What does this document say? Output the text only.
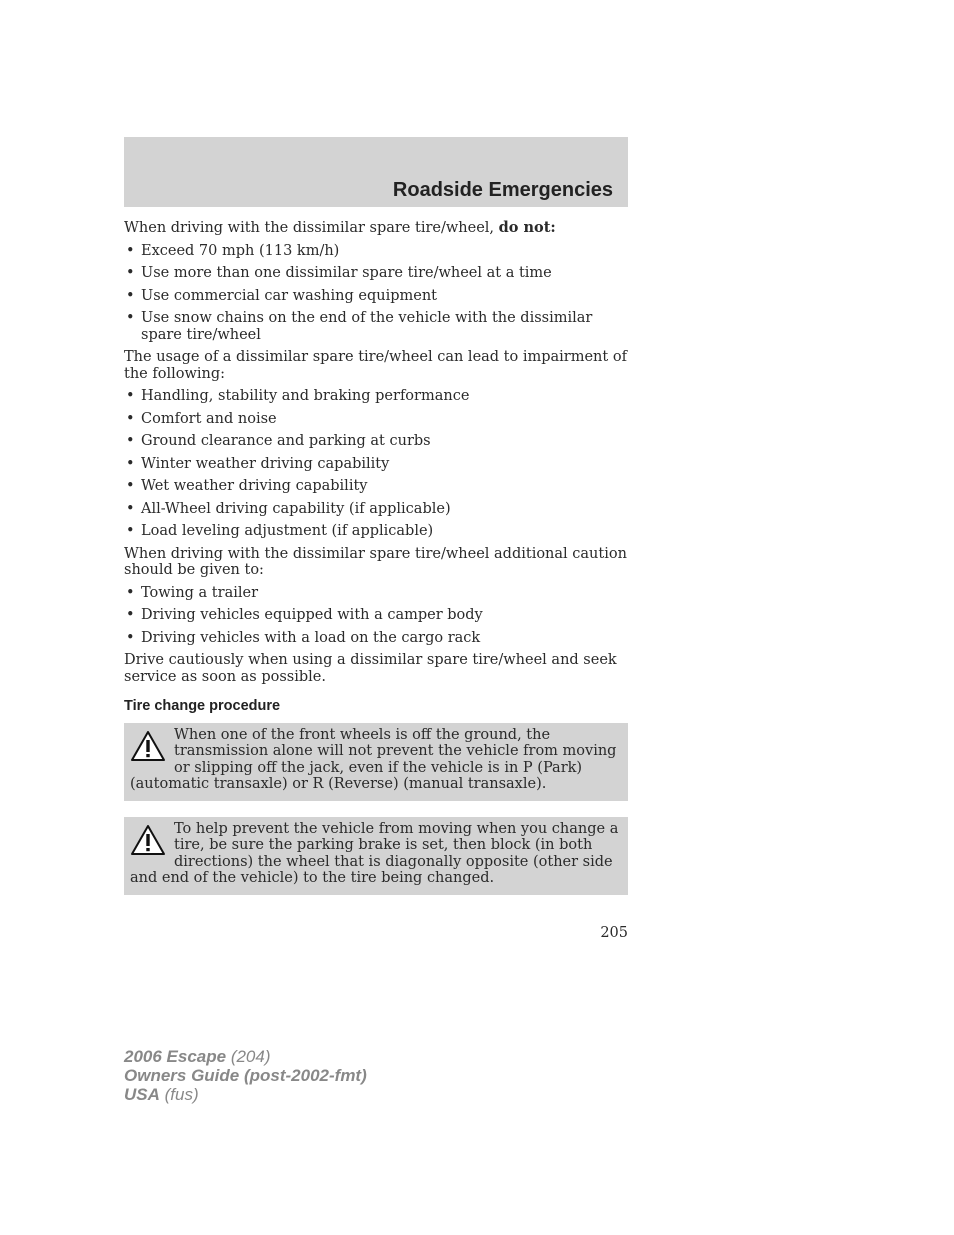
Roadside Emergencies

When driving with the dissimilar spare tire/wheel, do not:

• Exceed 70 mph (113 km/h)
• Use more than one dissimilar spare tire/wheel at a time
• Use commercial car washing equipment
• Use snow chains on the end of the vehicle with the dissimilar spare tire/wheel

The usage of a dissimilar spare tire/wheel can lead to impairment of the following:

• Handling, stability and braking performance
• Comfort and noise
• Ground clearance and parking at curbs
• Winter weather driving capability
• Wet weather driving capability
• All-Wheel driving capability (if applicable)
• Load leveling adjustment (if applicable)

When driving with the dissimilar spare tire/wheel additional caution should be given to:

• Towing a trailer
• Driving vehicles equipped with a camper body
• Driving vehicles with a load on the cargo rack

Drive cautiously when using a dissimilar spare tire/wheel and seek service as soon as possible.

Tire change procedure

When one of the front wheels is off the ground, the transmission alone will not prevent the vehicle from moving or slipping off the jack, even if the vehicle is in P (Park) (automatic transaxle) or R (Reverse) (manual transaxle).

To help prevent the vehicle from moving when you change a tire, be sure the parking brake is set, then block (in both directions) the wheel that is diagonally opposite (other side and end of the vehicle) to the tire being changed.

205
2006 Escape (204)
Owners Guide (post-2002-fmt)
USA (fus)
